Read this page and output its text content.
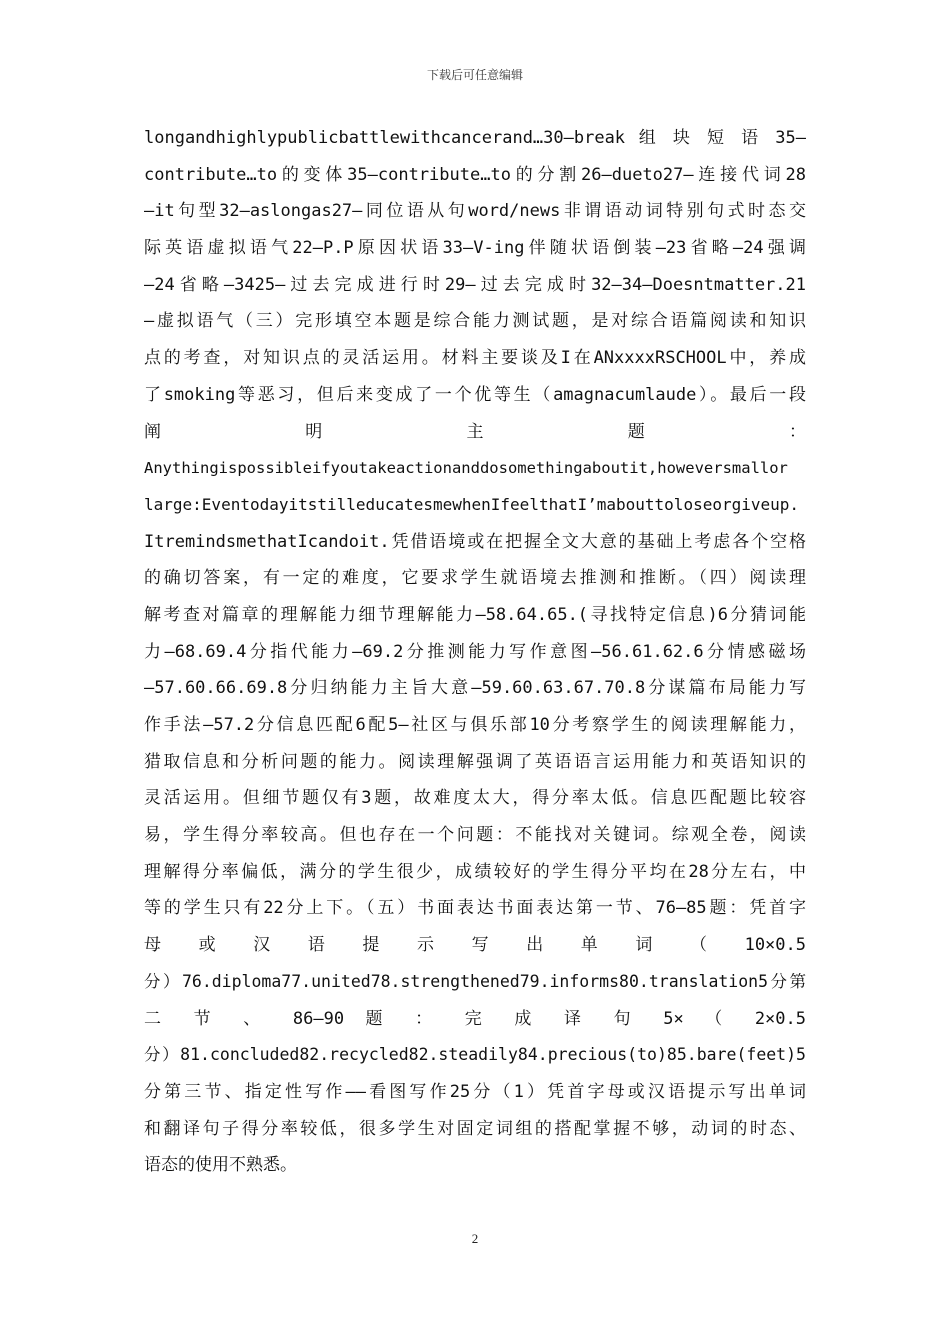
下载后可任意编辑
longandhighlypublicbattlewithcancerand…30—break 组 块 短 语 35—
contribute…to的变体35—contribute…to的分割26—dueto27—连接代词28
—it句型32—aslongas27—同位语从句word/news非谓语动词特别句式时态交
际英语虚拟语气22—P.P原因状语33—V-ing伴随状语倒装—23省略—24强调
—24省略—3425—过去完成进行时29—过去完成时32—34—Doesntmatter.21
—虚拟语气（三）完形填空本题是综合能力测试题，是对综合语篇阅读和知识
点的考查，对知识点的灵活运用。材料主要谈及I在ANxxxxRSCHOOL中，养成
了smoking等恶习，但后来变成了一个优等生（amagnacumlaude）。最后一段
阐 明 主 题 ：
Anythingispossibleifyoutakeactionanddosomethingaboutit,howeversmallor
large:EventodayitstilleducatesmewhenIfeelthatI’mabouttoloseorgiveup.
ItremindsmethatIcandoit.凭借语境或在把握全文大意的基础上考虑各个空格
的确切答案，有一定的难度，它要求学生就语境去推测和推断。（四）阅读理
解考查对篇章的理解能力细节理解能力—58.64.65.(寻找特定信息)6分猜词能
力—68.69.4分指代能力—69.2分推测能力写作意图—56.61.62.6分情感磁场
—57.60.66.69.8分归纳能力主旨大意—59.60.63.67.70.8分谋篇布局能力写
作手法—57.2分信息匹配6配5—社区与俱乐部10分考察学生的阅读理解能力，
猎取信息和分析问题的能力。阅读理解强调了英语语言运用能力和英语知识的
灵活运用。但细节题仅有3题，故难度太大，得分率太低。信息匹配题比较容
易，学生得分率较高。但也存在一个问题：不能找对关键词。综观全卷，阅读
理解得分率偏低，满分的学生很少，成绩较好的学生得分平均在28分左右，中
等的学生只有22分上下。（五）书面表达书面表达第一节、76—85题：凭首字
母 或 汉 语 提 示 写 出 单 词 （ 10×0.5
分）76.diploma77.united78.strengthened79.informs80.translation5分第
二 节 、 86—90 题 ： 完 成 译 句 5× （ 2×0.5
分）81.concluded82.recycled82.steadily84.precious(to)85.bare(feet)5
分第三节、指定性写作——看图写作25分（1）凭首字母或汉语提示写出单词
和翻译句子得分率较低，很多学生对固定词组的搭配掌握不够，动词的时态、
语态的使用不熟悉。
2
